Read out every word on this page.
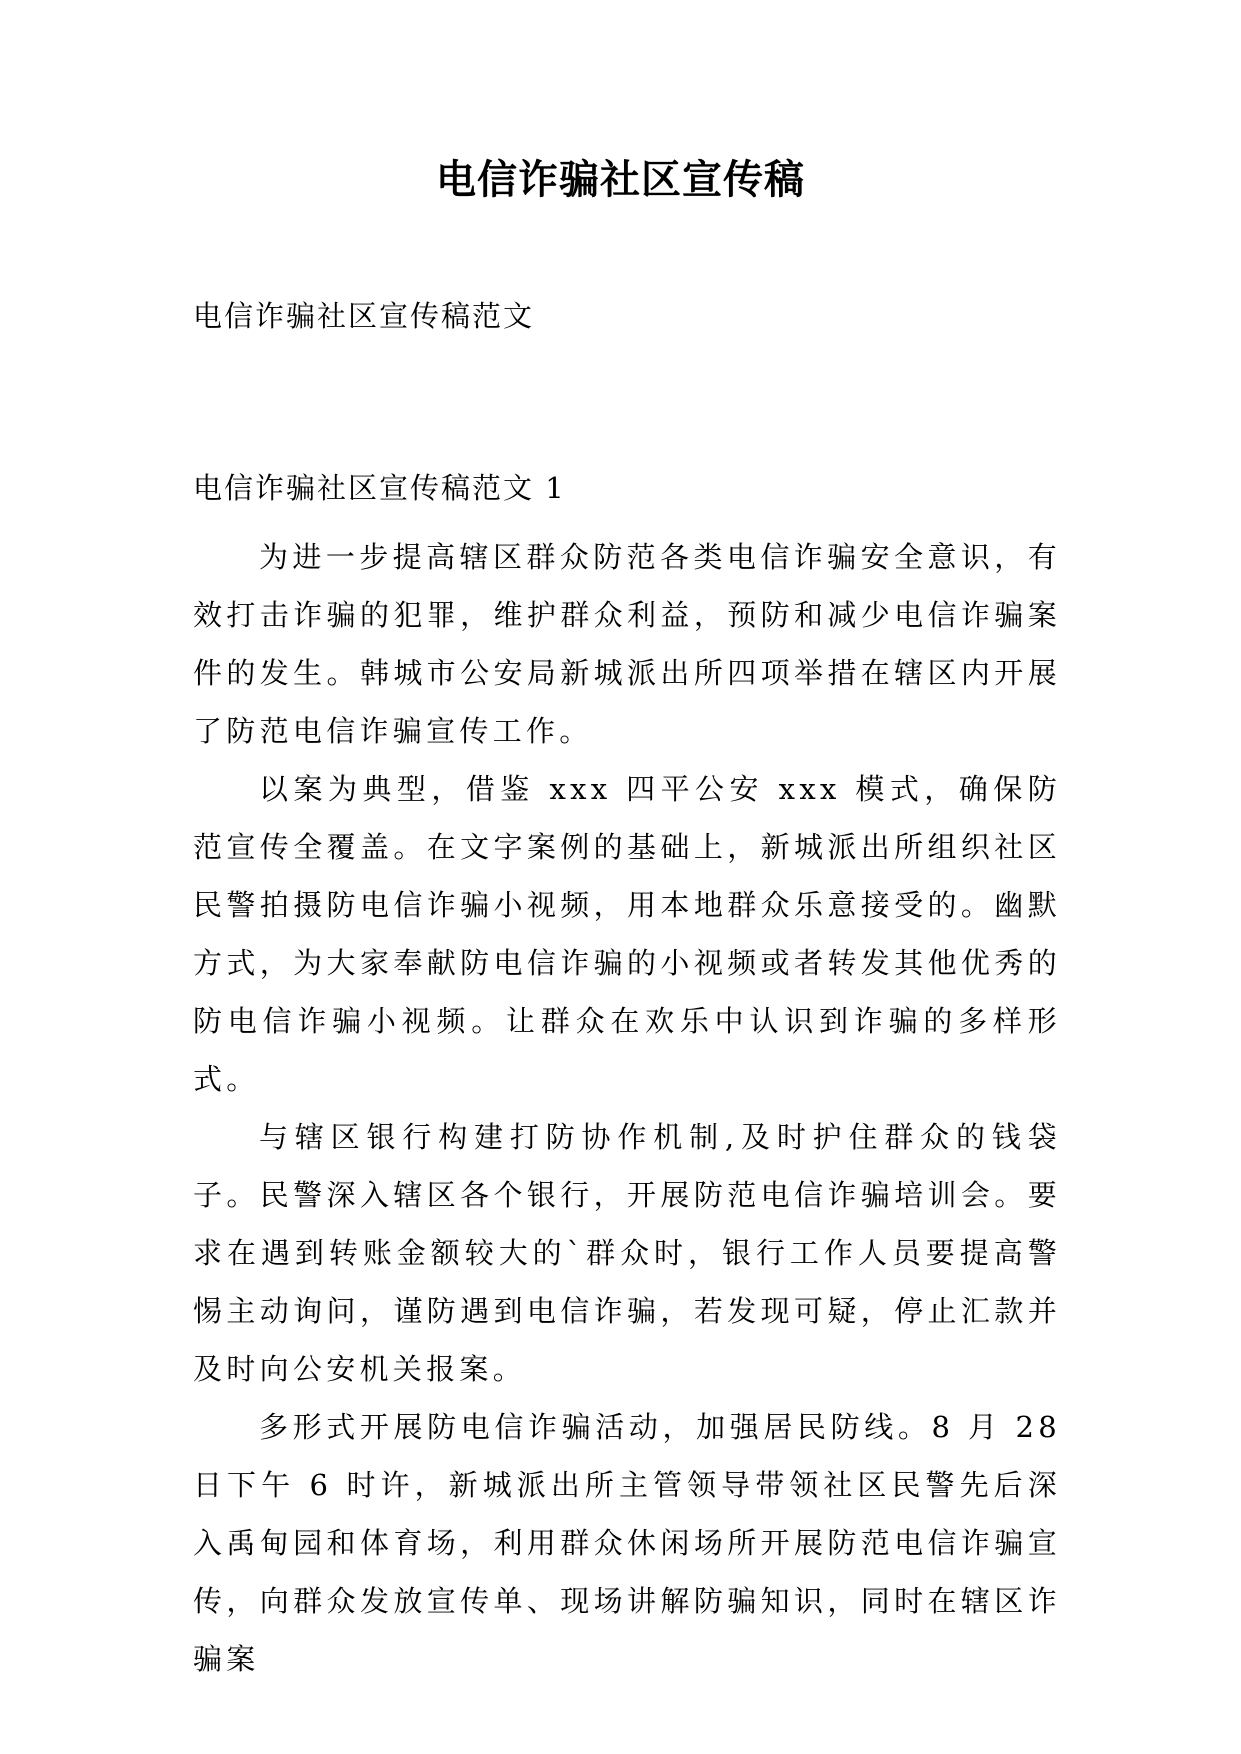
电信诈骗社区宣传稿
电信诈骗社区宣传稿范文
电信诈骗社区宣传稿范文 1

为进一步提高辖区群众防范各类电信诈骗安全意识，有效打击诈骗的犯罪，维护群众利益，预防和减少电信诈骗案件的发生。韩城市公安局新城派出所四项举措在辖区内开展了防范电信诈骗宣传工作。

以案为典型，借鉴 xxx 四平公安 xxx 模式，确保防范宣传全覆盖。在文字案例的基础上，新城派出所组织社区民警拍摄防电信诈骗小视频，用本地群众乐意接受的。幽默方式，为大家奉献防电信诈骗的小视频或者转发其他优秀的防电信诈骗小视频。让群众在欢乐中认识到诈骗的多样形式。

与辖区银行构建打防协作机制,及时护住群众的钱袋子。民警深入辖区各个银行，开展防范电信诈骗培训会。要求在遇到转账金额较大的`群众时，银行工作人员要提高警惕主动询问，谨防遇到电信诈骗，若发现可疑，停止汇款并及时向公安机关报案。

多形式开展防电信诈骗活动，加强居民防线。8 月 28 日下午 6 时许，新城派出所主管领导带领社区民警先后深入禹甸园和体育场，利用群众休闲场所开展防范电信诈骗宣传，向群众发放宣传单、现场讲解防骗知识，同时在辖区诈骗案
